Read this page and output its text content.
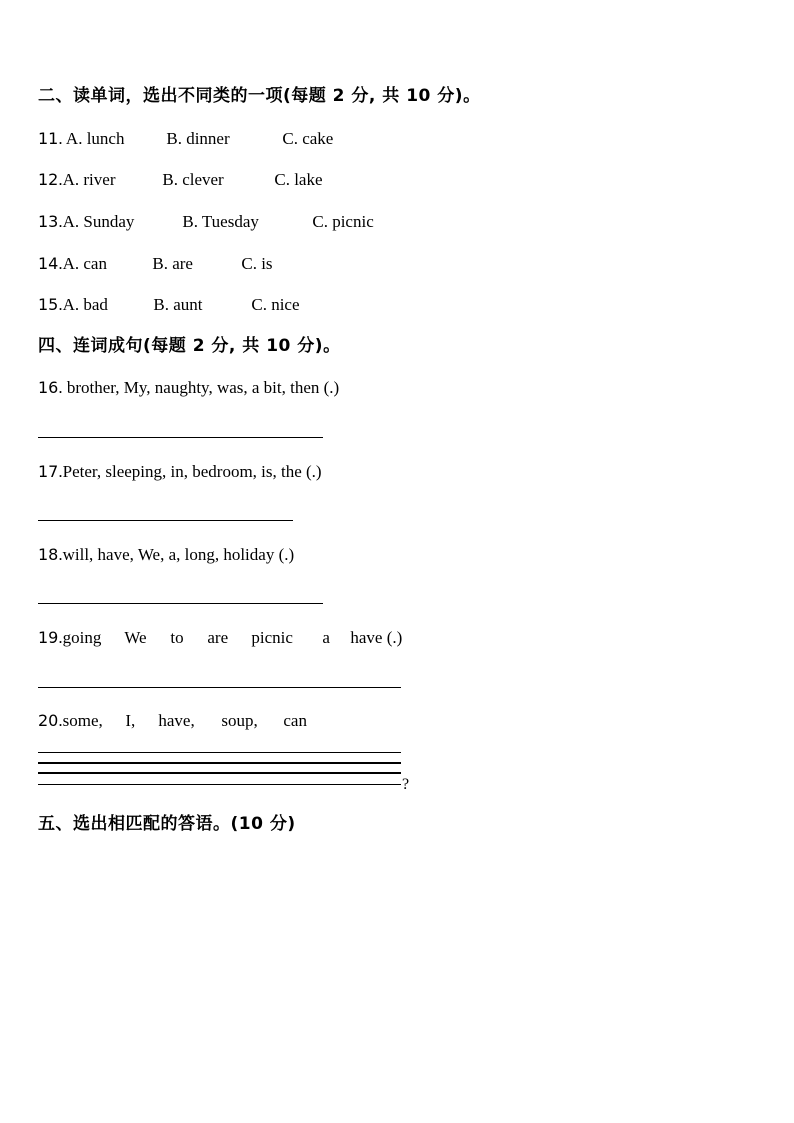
二、读单词，选出不同类的一项(每题 2 分, 共 10 分)。
11 . A. lunch	B. dinner	C. cake
12 .A. river	B. clever	C. lake
13 .A. Sunday	B. Tuesday	C. picnic
14 .A. can	B. are	C. is
15 .A. bad	B. aunt	C. nice
四、连词成句(每题 2 分, 共 10 分)。
16 . brother, My, naughty, was, a bit, then (.)
17 .Peter, sleeping, in, bedroom, is, the (.)
18 .will, have, We, a, long, holiday (.)
19 .going	We	to	are	picnic	a	have (.)
20 .some,	I,	have,	soup,	can
?
五、选出相匹配的答语。(10 分)
